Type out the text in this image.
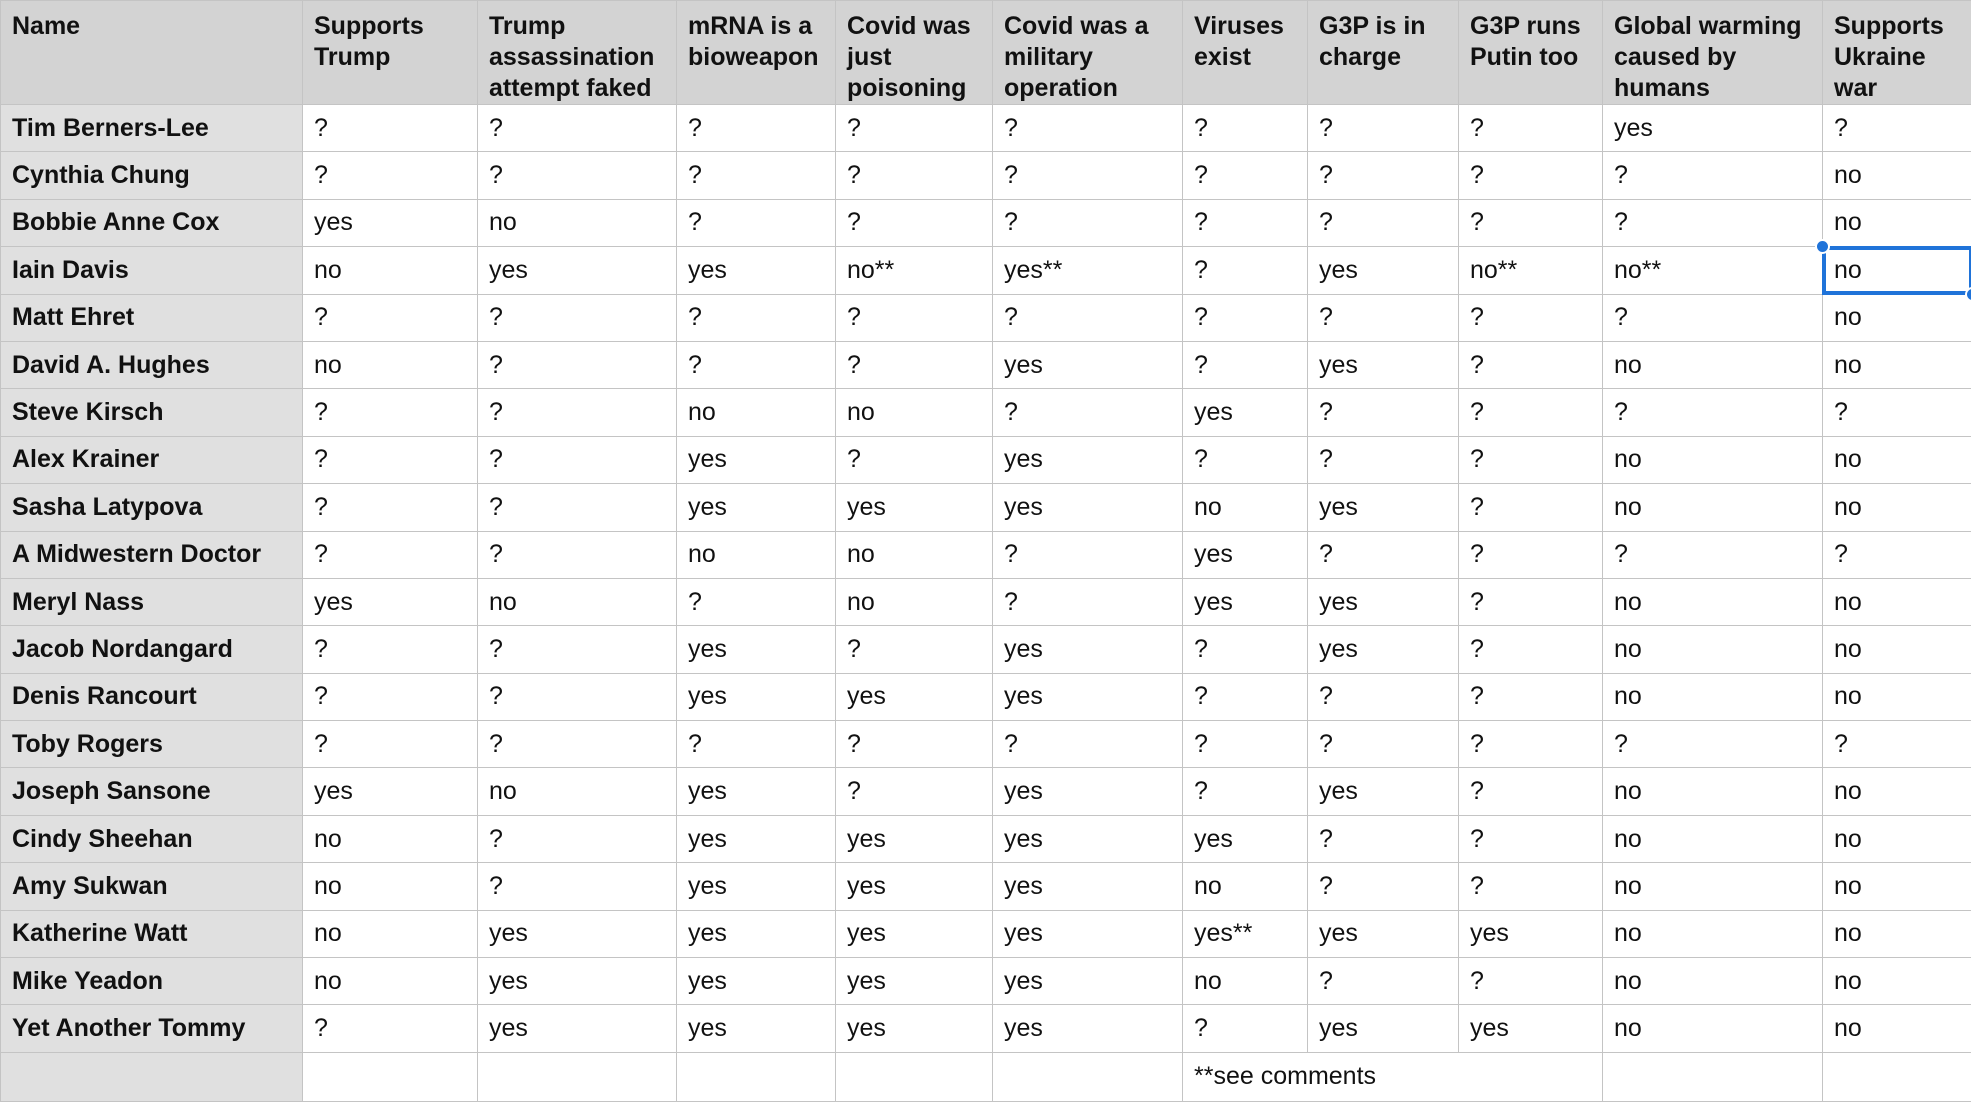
Name	Supports Trump	Trump assassination attempt faked	mRNA is a bioweapon	Covid was just poisoning	Covid was a military operation	Viruses exist	G3P is in charge	G3P runs Putin too	Global warming caused by humans	Supports Ukraine war
Tim Berners-Lee	?	?	?	?	?	?	?	?	yes	?
Cynthia Chung	?	?	?	?	?	?	?	?	?	no
Bobbie Anne Cox	yes	no	?	?	?	?	?	?	?	no
Iain Davis	no	yes	yes	no**	yes**	?	yes	no**	no**	no
Matt Ehret	?	?	?	?	?	?	?	?	?	no
David A. Hughes	no	?	?	?	yes	?	yes	?	no	no
Steve Kirsch	?	?	no	no	?	yes	?	?	?	?
Alex Krainer	?	?	yes	?	yes	?	?	?	no	no
Sasha Latypova	?	?	yes	yes	yes	no	yes	?	no	no
A Midwestern Doctor	?	?	no	no	?	yes	?	?	?	?
Meryl Nass	yes	no	?	no	?	yes	yes	?	no	no
Jacob Nordangard	?	?	yes	?	yes	?	yes	?	no	no
Denis Rancourt	?	?	yes	yes	yes	?	?	?	no	no
Toby Rogers	?	?	?	?	?	?	?	?	?	?
Joseph Sansone	yes	no	yes	?	yes	?	yes	?	no	no
Cindy Sheehan	no	?	yes	yes	yes	yes	?	?	no	no
Amy Sukwan	no	?	yes	yes	yes	no	?	?	no	no
Katherine Watt	no	yes	yes	yes	yes	yes**	yes	yes	no	no
Mike Yeadon	no	yes	yes	yes	yes	no	?	?	no	no
Yet Another Tommy	?	yes	yes	yes	yes	?	yes	yes	no	no
						**see comments				
